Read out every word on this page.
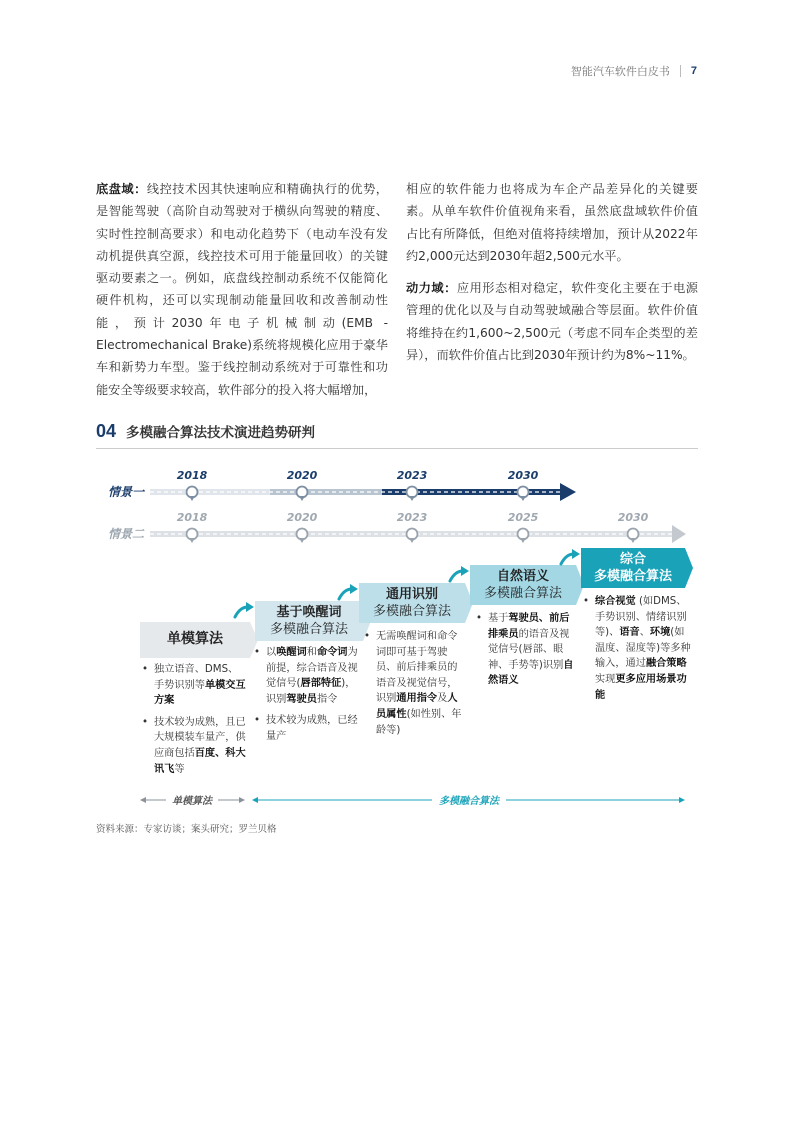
智能汽车软件白皮书 7

底盘域：线控技术因其快速响应和精确执行的优势，是智能驾驶（高阶自动驾驶对于横纵向驾驶的精度、实时性控制高要求）和电动化趋势下（电动车没有发动机提供真空源，线控技术可用于能量回收）的关键驱动要素之一。例如，底盘线控制动系统不仅能简化硬件机构，还可以实现制动能量回收和改善制动性能，预计2030年电子机械制动(EMB - Electromechanical Brake)系统将规模化应用于豪华车和新势力车型。鉴于线控制动系统对于可靠性和功能安全等级要求较高，软件部分的投入将大幅增加，

相应的软件能力也将成为车企产品差异化的关键要素。从单车软件价值视角来看，虽然底盘域软件价值占比有所降低，但绝对值将持续增加，预计从2022年约2,000元达到2030年超2,500元水平。

动力域：应用形态相对稳定，软件变化主要在于电源管理的优化以及与自动驾驶域融合等层面。软件价值将维持在约1,600~2,500元（考虑不同车企类型的差异），而软件价值占比到2030年预计约为8%~11%。

04 多模融合算法技术演进趋势研判
情景一
2018	2020	2023	2030
情景二
2018	2020	2023	2025	2030
单模算法	多模融合算法
单模算法
• 独立语音、DMS、手势识别等单模交互方案
• 技术较为成熟，且已大规模装车量产，供应商包括百度、科大讯飞等
基于唤醒词
多模融合算法
• 以唤醒词和命令词为前提，综合语音及视觉信号(唇部特征)，识别驾驶员指令
• 技术较为成熟，已经量产
通用识别
多模融合算法
• 无需唤醒词和命令词即可基于驾驶员、前后排乘员的语音及视觉信号，识别通用指令及人员属性(如性别、年龄等)
自然语义
多模融合算法
• 基于驾驶员、前后排乘员的语音及视觉信号(唇部、眼神、手势等)识别自然语义
综合
多模融合算法
• 综合视觉 (如DMS、手势识别、情绪识别等)、语音、环境(如温度、湿度等)等多种输入，通过融合策略实现更多应用场景功能
资料来源：专家访谈；案头研究；罗兰贝格
